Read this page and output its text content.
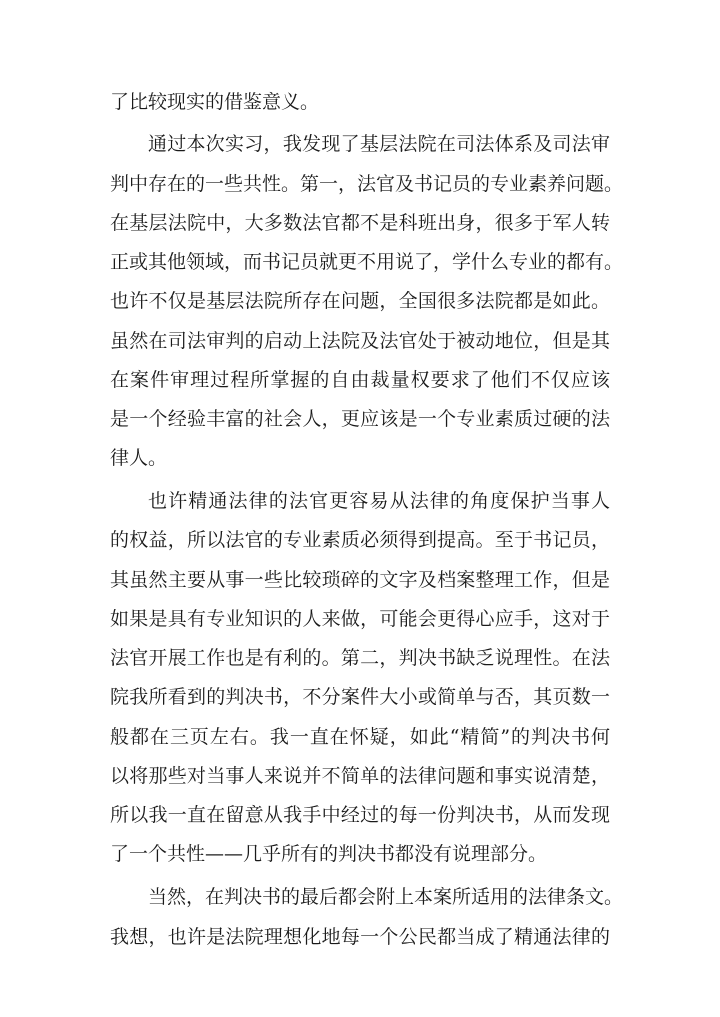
了比较现实的借鉴意义。
通过本次实习，我发现了基层法院在司法体系及司法审
判中存在的一些共性。第一，法官及书记员的专业素养问题。
在基层法院中，大多数法官都不是科班出身，很多于军人转
正或其他领域，而书记员就更不用说了，学什么专业的都有。
也许不仅是基层法院所存在问题，全国很多法院都是如此。
虽然在司法审判的启动上法院及法官处于被动地位，但是其
在案件审理过程所掌握的自由裁量权要求了他们不仅应该
是一个经验丰富的社会人，更应该是一个专业素质过硬的法
律人。
也许精通法律的法官更容易从法律的角度保护当事人
的权益，所以法官的专业素质必须得到提高。至于书记员，
其虽然主要从事一些比较琐碎的文字及档案整理工作，但是
如果是具有专业知识的人来做，可能会更得心应手，这对于
法官开展工作也是有利的。第二，判决书缺乏说理性。在法
院我所看到的判决书，不分案件大小或简单与否，其页数一
般都在三页左右。我一直在怀疑，如此“精简”的判决书何
以将那些对当事人来说并不简单的法律问题和事实说清楚，
所以我一直在留意从我手中经过的每一份判决书，从而发现
了一个共性——几乎所有的判决书都没有说理部分。
当然，在判决书的最后都会附上本案所适用的法律条文。
我想，也许是法院理想化地每一个公民都当成了精通法律的
